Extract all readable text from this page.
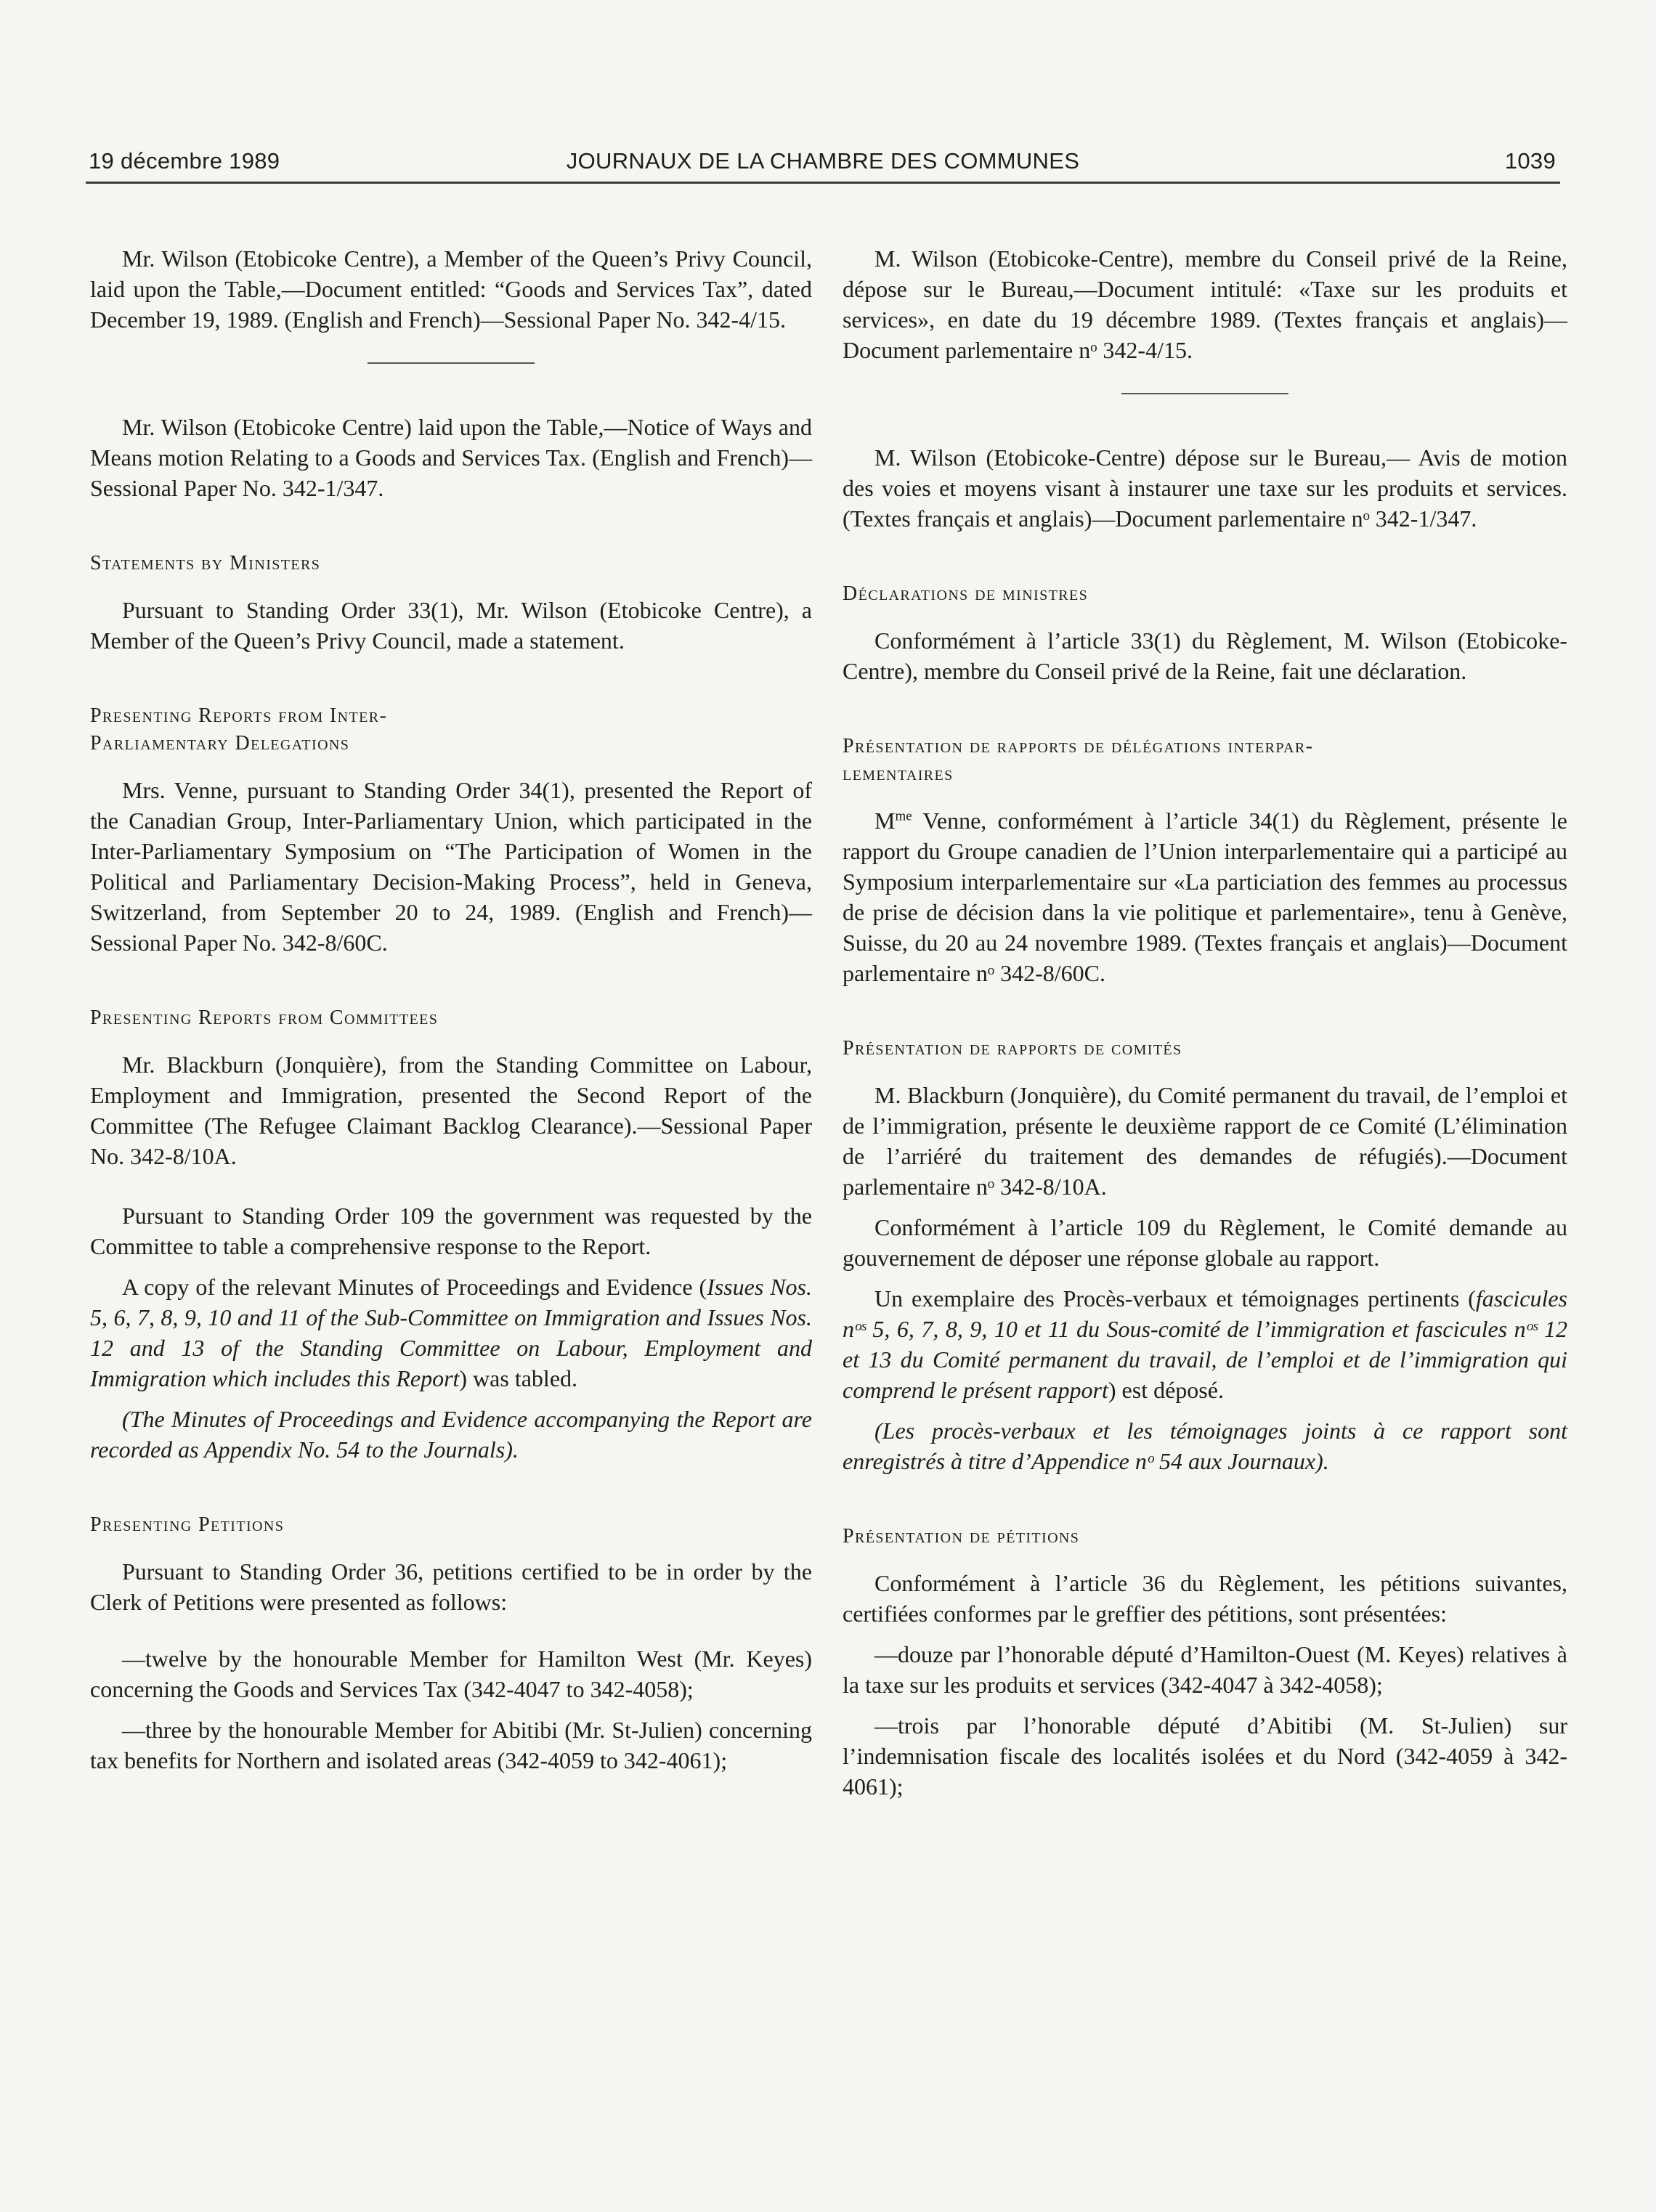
19 décembre 1989	JOURNAUX DE LA CHAMBRE DES COMMUNES	1039

Mr. Wilson (Etobicoke Centre), a Member of the Queen’s Privy Council, laid upon the Table,—Document entitled: “Goods and Services Tax”, dated December 19, 1989. (English and French)—Sessional Paper No. 342-4/15.

Mr. Wilson (Etobicoke Centre) laid upon the Table,—Notice of Ways and Means motion Relating to a Goods and Services Tax. (English and French)—Sessional Paper No. 342-1/347.

Statements by Ministers

Pursuant to Standing Order 33(1), Mr. Wilson (Etobicoke Centre), a Member of the Queen’s Privy Council, made a statement.

Presenting Reports from Inter-
Parliamentary Delegations

Mrs. Venne, pursuant to Standing Order 34(1), presented the Report of the Canadian Group, Inter-Parliamentary Union, which participated in the Inter-Parliamentary Symposium on “The Participation of Women in the Political and Parliamentary Decision-Making Process”, held in Geneva, Switzerland, from September 20 to 24, 1989. (English and French)—Sessional Paper No. 342-8/60C.

Presenting Reports from Committees

Mr. Blackburn (Jonquière), from the Standing Committee on Labour, Employment and Immigration, presented the Second Report of the Committee (The Refugee Claimant Backlog Clearance).—Sessional Paper No. 342-8/10A.

Pursuant to Standing Order 109 the government was requested by the Committee to table a comprehensive response to the Report.

A copy of the relevant Minutes of Proceedings and Evidence (Issues Nos. 5, 6, 7, 8, 9, 10 and 11 of the Sub-Committee on Immigration and Issues Nos. 12 and 13 of the Standing Committee on Labour, Employment and Immigration which includes this Report) was tabled.

(The Minutes of Proceedings and Evidence accompanying the Report are recorded as Appendix No. 54 to the Journals).

Presenting Petitions

Pursuant to Standing Order 36, petitions certified to be in order by the Clerk of Petitions were presented as follows:

—twelve by the honourable Member for Hamilton West (Mr. Keyes) concerning the Goods and Services Tax (342-4047 to 342-4058);

—three by the honourable Member for Abitibi (Mr. St-Julien) concerning tax benefits for Northern and isolated areas (342-4059 to 342-4061);

M. Wilson (Etobicoke-Centre), membre du Conseil privé de la Reine, dépose sur le Bureau,—Document intitulé: «Taxe sur les produits et services», en date du 19 décembre 1989. (Textes français et anglais)—Document parlementaire nᵒ 342-4/15.

M. Wilson (Etobicoke-Centre) dépose sur le Bureau,— Avis de motion des voies et moyens visant à instaurer une taxe sur les produits et services. (Textes français et anglais)—Document parlementaire nᵒ 342-1/347.

Déclarations de ministres

Conformément à l’article 33(1) du Règlement, M. Wilson (Etobicoke-Centre), membre du Conseil privé de la Reine, fait une déclaration.

Présentation de rapports de délégations interpar-
lementaires

$M^{me}$ Venne, conformément à l’article 34(1) du Règlement, présente le rapport du Groupe canadien de l’Union interparlementaire qui a participé au Symposium interparlementaire sur «La particiation des femmes au processus de prise de décision dans la vie politique et parlementaire», tenu à Genève, Suisse, du 20 au 24 novembre 1989. (Textes français et anglais)—Document parlementaire nᵒ 342-8/60C.

Présentation de rapports de comités

M. Blackburn (Jonquière), du Comité permanent du travail, de l’emploi et de l’immigration, présente le deuxième rapport de ce Comité (L’élimination de l’arriéré du traitement des demandes de réfugiés).—Document parlementaire nᵒ 342-8/10A.

Conformément à l’article 109 du Règlement, le Comité demande au gouvernement de déposer une réponse globale au rapport.

Un exemplaire des Procès-verbaux et témoignages pertinents (fascicules nᵒˢ 5, 6, 7, 8, 9, 10 et 11 du Sous-comité de l’immigration et fascicules nᵒˢ 12 et 13 du Comité permanent du travail, de l’emploi et de l’immigration qui comprend le présent rapport) est déposé.

(Les procès-verbaux et les témoignages joints à ce rapport sont enregistrés à titre d’Appendice nᵒ 54 aux Journaux).

Présentation de pétitions

Conformément à l’article 36 du Règlement, les pétitions suivantes, certifiées conformes par le greffier des pétitions, sont présentées:

—douze par l’honorable député d’Hamilton-Ouest (M. Keyes) relatives à la taxe sur les produits et services (342-4047 à 342-4058);

—trois par l’honorable député d’Abitibi (M. St-Julien) sur l’indemnisation fiscale des localités isolées et du Nord (342-4059 à 342-4061);
